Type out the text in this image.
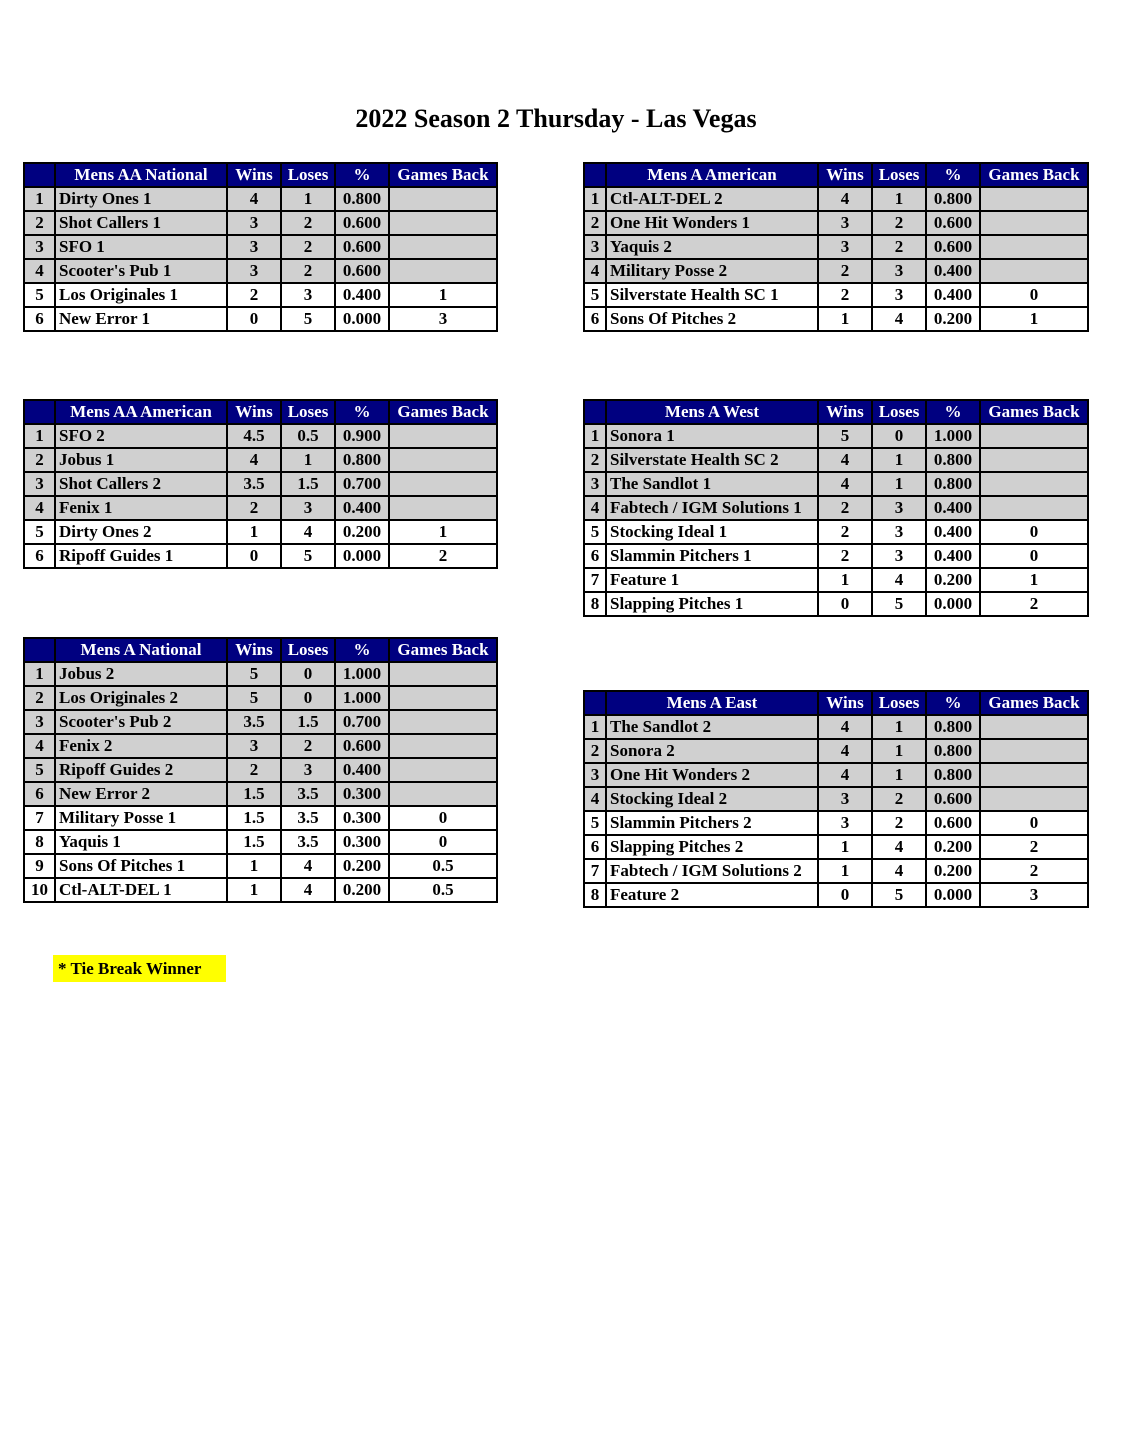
2022 Season 2 Thursday - Las Vegas
	Mens AA National	Wins	Loses	%	Games Back
1	Dirty Ones 1	4	1	0.800	
2	Shot Callers 1	3	2	0.600	
3	SFO 1	3	2	0.600	
4	Scooter's Pub 1	3	2	0.600	
5	Los Originales 1	2	3	0.400	1
6	New Error 1	0	5	0.000	3
	Mens AA American	Wins	Loses	%	Games Back
1	SFO 2	4.5	0.5	0.900	
2	Jobus 1	4	1	0.800	
3	Shot Callers 2	3.5	1.5	0.700	
4	Fenix 1	2	3	0.400	
5	Dirty Ones 2	1	4	0.200	1
6	Ripoff Guides 1	0	5	0.000	2
	Mens A National	Wins	Loses	%	Games Back
1	Jobus 2	5	0	1.000	
2	Los Originales 2	5	0	1.000	
3	Scooter's Pub 2	3.5	1.5	0.700	
4	Fenix 2	3	2	0.600	
5	Ripoff Guides 2	2	3	0.400	
6	New Error 2	1.5	3.5	0.300	
7	Military Posse 1	1.5	3.5	0.300	0
8	Yaquis 1	1.5	3.5	0.300	0
9	Sons Of Pitches 1	1	4	0.200	0.5
10	Ctl-ALT-DEL 1	1	4	0.200	0.5
	Mens A American	Wins	Loses	%	Games Back
1	Ctl-ALT-DEL 2	4	1	0.800	
2	One Hit Wonders 1	3	2	0.600	
3	Yaquis 2	3	2	0.600	
4	Military Posse 2	2	3	0.400	
5	Silverstate Health SC 1	2	3	0.400	0
6	Sons Of Pitches 2	1	4	0.200	1
	Mens A West	Wins	Loses	%	Games Back
1	Sonora 1	5	0	1.000	
2	Silverstate Health SC 2	4	1	0.800	
3	The Sandlot 1	4	1	0.800	
4	Fabtech / IGM Solutions 1	2	3	0.400	
5	Stocking Ideal 1	2	3	0.400	0
6	Slammin Pitchers 1	2	3	0.400	0
7	Feature 1	1	4	0.200	1
8	Slapping Pitches 1	0	5	0.000	2
	Mens A East	Wins	Loses	%	Games Back
1	The Sandlot 2	4	1	0.800	
2	Sonora 2	4	1	0.800	
3	One Hit Wonders 2	4	1	0.800	
4	Stocking Ideal 2	3	2	0.600	
5	Slammin Pitchers 2	3	2	0.600	0
6	Slapping Pitches 2	1	4	0.200	2
7	Fabtech / IGM Solutions 2	1	4	0.200	2
8	Feature 2	0	5	0.000	3
* Tie Break Winner
